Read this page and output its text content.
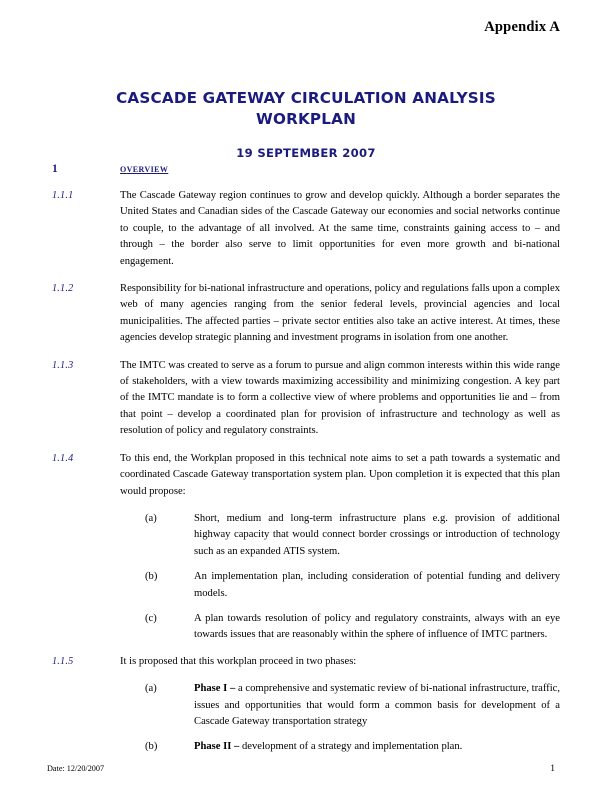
Appendix A
CASCADE GATEWAY CIRCULATION ANALYSIS
WORKPLAN
19 SEPTEMBER 2007
1	overview
1.1.1	The Cascade Gateway region continues to grow and develop quickly. Although a border separates the United States and Canadian sides of the Cascade Gateway our economies and social networks continue to couple, to the advantage of all involved. At the same time, constraints gaining access to – and through – the border also serve to limit opportunities for even more growth and bi-national engagement.
1.1.2	Responsibility for bi-national infrastructure and operations, policy and regulations falls upon a complex web of many agencies ranging from the senior federal levels, provincial agencies and local municipalities. The affected parties – private sector entities also take an active interest. At times, these agencies develop strategic planning and investment programs in isolation from one another.
1.1.3	The IMTC was created to serve as a forum to pursue and align common interests within this wide range of stakeholders, with a view towards maximizing accessibility and minimizing congestion. A key part of the IMTC mandate is to form a collective view of where problems and opportunities lie and – from that point – develop a coordinated plan for provision of infrastructure and technology as well as resolution of policy and regulatory constraints.
1.1.4	To this end, the Workplan proposed in this technical note aims to set a path towards a systematic and coordinated Cascade Gateway transportation system plan. Upon completion it is expected that this plan would propose:
(a)	Short, medium and long-term infrastructure plans e.g. provision of additional highway capacity that would connect border crossings or introduction of technology such as an expanded ATIS system.
(b)	An implementation plan, including consideration of potential funding and delivery models.
(c)	A plan towards resolution of policy and regulatory constraints, always with an eye towards issues that are reasonably within the sphere of influence of IMTC partners.
1.1.5	It is proposed that this workplan proceed in two phases:
(a)	Phase I – a comprehensive and systematic review of bi-national infrastructure, traffic, issues and opportunities that would form a common basis for development of a Cascade Gateway transportation strategy
(b)	Phase II – development of a strategy and implementation plan.
Date: 12/20/2007	1
